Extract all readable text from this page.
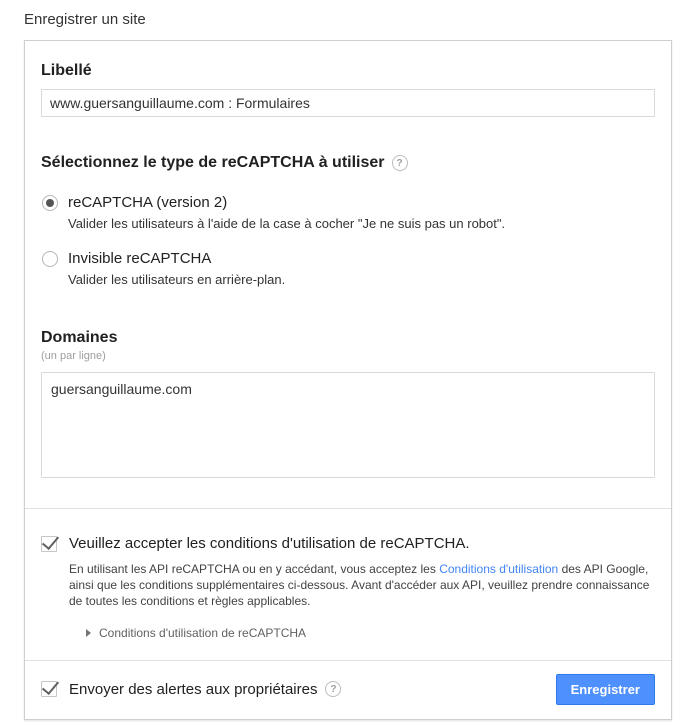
Enregistrer un site
Libellé
www.guersanguillaume.com : Formulaires
Sélectionnez le type de reCAPTCHA à utiliser	?
reCAPTCHA (version 2)
Valider les utilisateurs à l'aide de la case à cocher "Je ne suis pas un robot".
Invisible reCAPTCHA
Valider les utilisateurs en arrière-plan.
Domaines
(un par ligne)
guersanguillaume.com
Veuillez accepter les conditions d'utilisation de reCAPTCHA.
En utilisant les API reCAPTCHA ou en y accédant, vous acceptez les Conditions d'utilisation des API Google, ainsi que les conditions supplémentaires ci-dessous. Avant d'accéder aux API, veuillez prendre connaissance de toutes les conditions et règles applicables.
Conditions d'utilisation de reCAPTCHA
Envoyer des alertes aux propriétaires	?	Enregistrer
